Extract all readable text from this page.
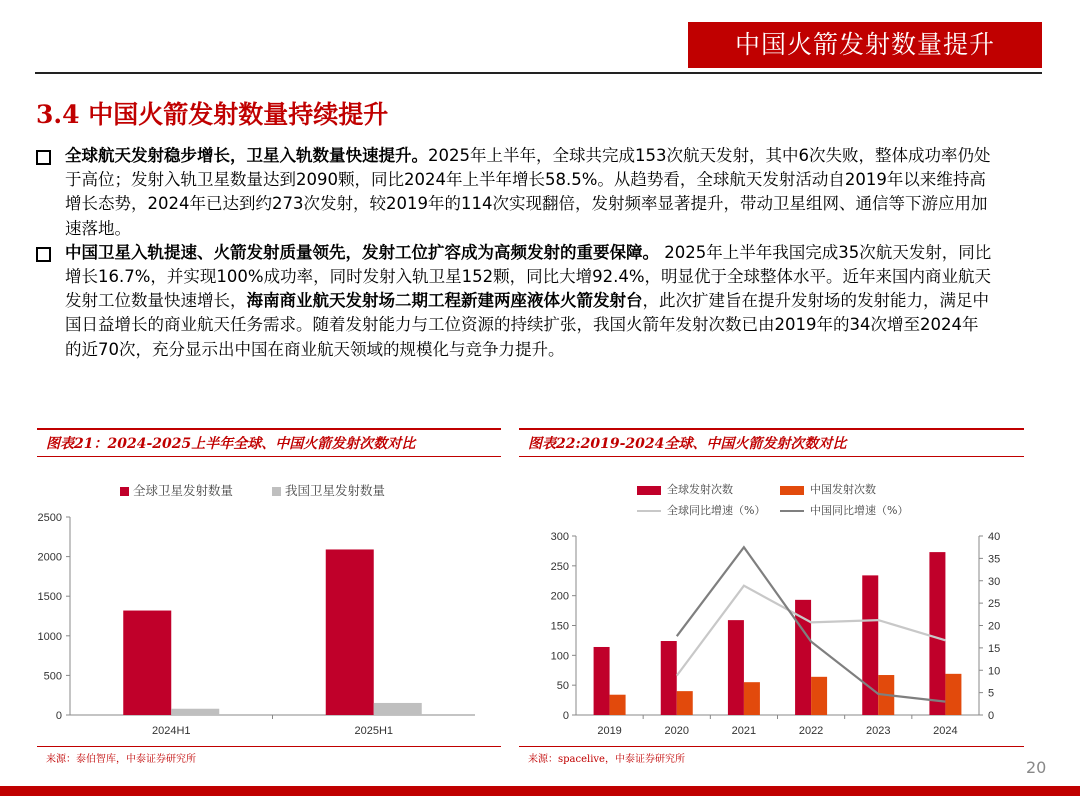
中国火箭发射数量提升
3.4 中国火箭发射数量持续提升
全球航天发射稳步增长，卫星入轨数量快速提升。2025年上半年，全球共完成153次航天发射，其中6次失败，整体成功率仍处于高位；发射入轨卫星数量达到2090颗，同比2024年上半年增长58.5%。从趋势看，全球航天发射活动自2019年以来维持高增长态势，2024年已达到约273次发射，较2019年的114次实现翻倍，发射频率显著提升，带动卫星组网、通信等下游应用加速落地。
中国卫星入轨提速、火箭发射质量领先，发射工位扩容成为高频发射的重要保障。 2025年上半年我国完成35次航天发射，同比增长16.7%，并实现100%成功率，同时发射入轨卫星152颗，同比大增92.4%，明显优于全球整体水平。近年来国内商业航天发射工位数量快速增长，海南商业航天发射场二期工程新建两座液体火箭发射台，此次扩建旨在提升发射场的发射能力，满足中国日益增长的商业航天任务需求。随着发射能力与工位资源的持续扩张，我国火箭年发射次数已由2019年的34次增至2024年的近70次，充分显示出中国在商业航天领域的规模化与竞争力提升。
图表21：2024-2025上半年全球、中国火箭发射次数对比
全球卫星发射数量	我国卫星发射数量
0
500
1000
1500
2000
2500
2024H1	2025H1
来源：泰伯智库，中泰证券研究所
图表22:2019-2024全球、中国火箭发射次数对比
全球发射次数	中国发射次数
全球同比增速（%）	中国同比增速（%）
0
50
100
150
200
250
300
0
5
10
15
20
25
30
35
40
2019	2020	2021	2022	2023	2024
来源：spacelive，中泰证券研究所	20
